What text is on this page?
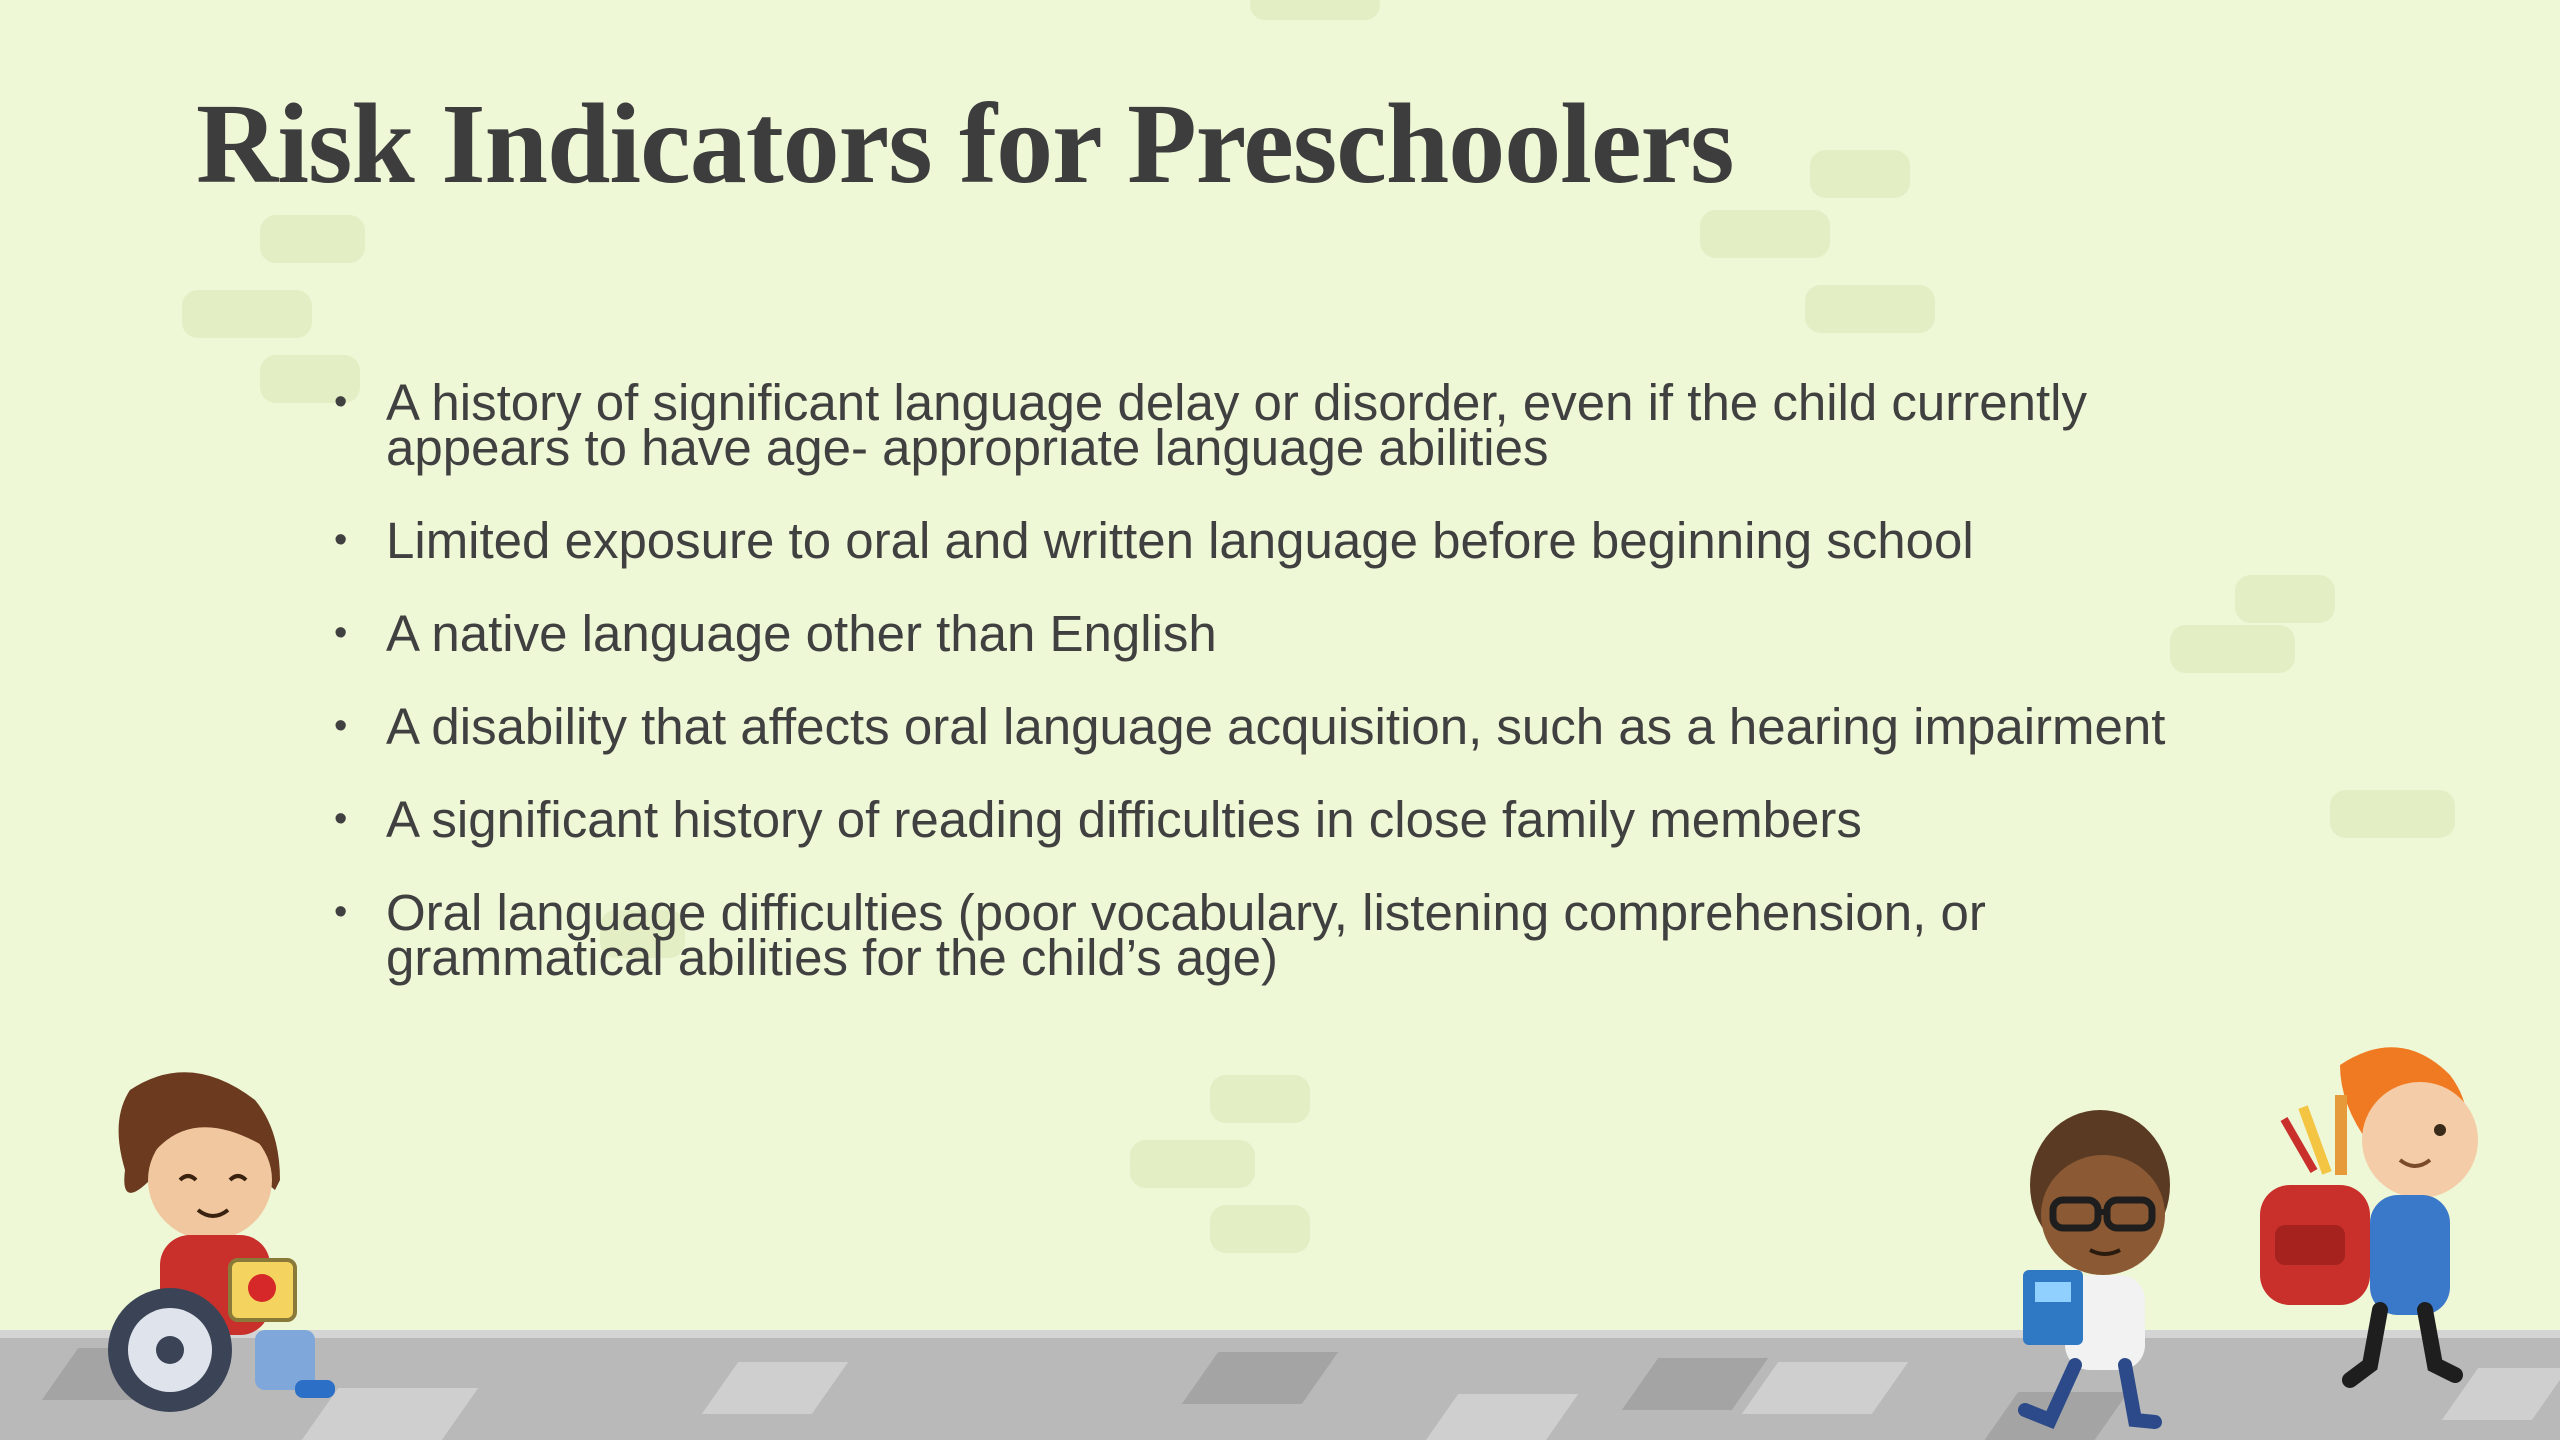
Risk Indicators for Preschoolers
• A history of significant language delay or disorder, even if the child currently appears to have age- appropriate language abilities
• Limited exposure to oral and written language before beginning school
• A native language other than English
• A disability that affects oral language acquisition, such as a hearing impairment
• A significant history of reading difficulties in close family members
• Oral language difficulties (poor vocabulary, listening comprehension, or grammatical abilities for the child’s age)
